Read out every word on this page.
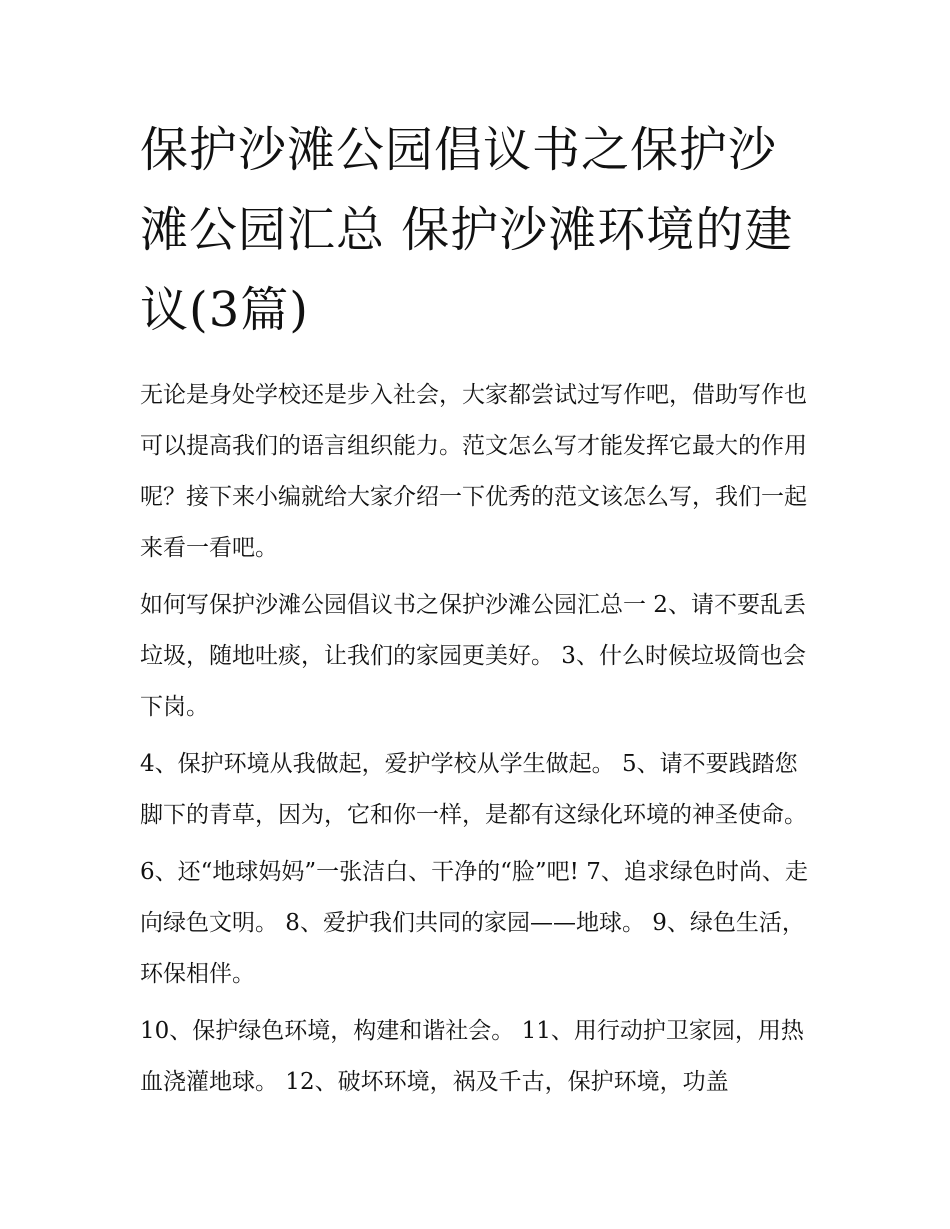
保护沙滩公园倡议书之保护沙滩公园汇总 保护沙滩环境的建议(3篇)

无论是身处学校还是步入社会，大家都尝试过写作吧，借助写作也可以提高我们的语言组织能力。范文怎么写才能发挥它最大的作用呢？接下来小编就给大家介绍一下优秀的范文该怎么写，我们一起来看一看吧。

如何写保护沙滩公园倡议书之保护沙滩公园汇总一 2、请不要乱丢垃圾，随地吐痰，让我们的家园更美好。 3、什么时候垃圾筒也会下岗。

4、保护环境从我做起，爱护学校从学生做起。 5、请不要践踏您脚下的青草，因为，它和你一样，是都有这绿化环境的神圣使命。

6、还“地球妈妈”一张洁白、干净的“脸”吧! 7、追求绿色时尚、走向绿色文明。 8、爱护我们共同的家园——地球。 9、绿色生活，环保相伴。

10、保护绿色环境，构建和谐社会。 11、用行动护卫家园，用热血浇灌地球。 12、破坏环境，祸及千古，保护环境，功盖
